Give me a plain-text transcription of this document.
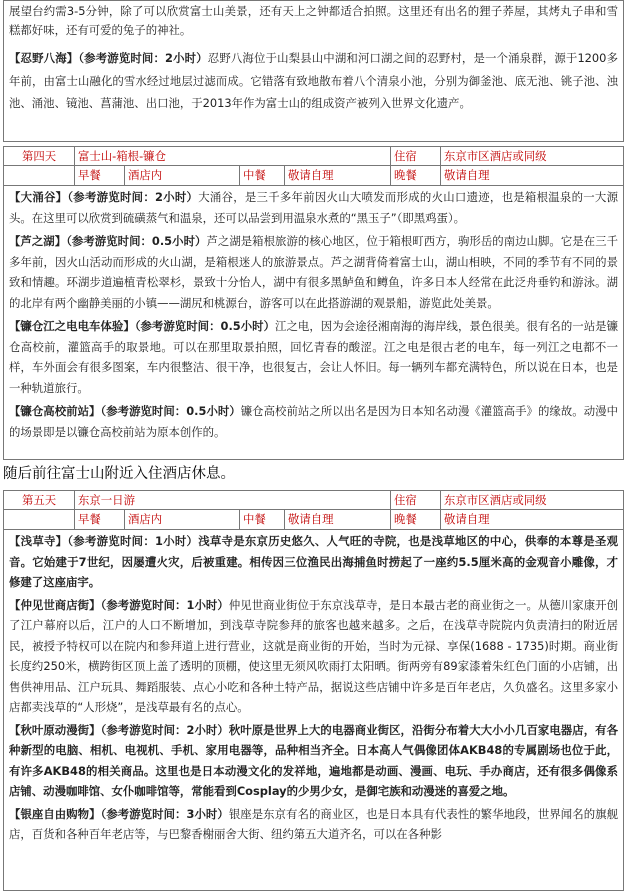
展望台约需3-5分钟，除了可以欣赏富士山美景，还有天上之钟都适合拍照。这里还有出名的狸子荞屋，其烤丸子串和雪糕都好味，还有可爱的兔子的神社。

【忍野八海】（参考游览时间：2小时）忍野八海位于山梨县山中湖和河口湖之间的忍野村，是一个涌泉群，源于1200多年前，由富士山融化的雪水经过地层过滤而成。它错落有致地散布着八个清泉小池，分别为御釜池、底无池、铫子池、浊池、涌池、镜池、菖蒲池、出口池，于2013年作为富士山的组成资产被列入世界文化遗产。

第四天	富士山-箱根-镰仓	住宿	东京市区酒店或同级
早餐	酒店内	中餐	敬请自理	晚餐	敬请自理

【大涌谷】（参考游览时间：2小时）大涌谷，是三千多年前因火山大喷发而形成的火山口遗迹，也是箱根温泉的一大源头。在这里可以欣赏到硫磺蒸气和温泉，还可以品尝到用温泉水煮的“黑玉子”（即黑鸡蛋）。

【芦之湖】（参考游览时间：0.5小时）芦之湖是箱根旅游的核心地区，位于箱根町西方，驹形岳的南边山脚。它是在三千多年前，因火山活动而形成的火山湖，是箱根迷人的旅游景点。芦之湖背倚着富士山，湖山相映，不同的季节有不同的景致和情趣。环湖步道遍植青松翠杉，景致十分怡人，湖中有很多黑鲈鱼和鳟鱼，许多日本人经常在此泛舟垂钓和游泳。湖的北岸有两个幽静美丽的小镇——湖尻和桃源台，游客可以在此搭游湖的观景船，游览此处美景。

【镰仓江之电电车体验】（参考游览时间：0.5小时）江之电，因为会途径湘南海的海岸线，景色很美。很有名的一站是镰仓高校前，灌篮高手的取景地。可以在那里取景拍照，回忆青春的酸涩。江之电是很古老的电车，每一列江之电都不一样，车外面会有很多图案，车内很整洁、很干净，也很复古，会让人怀旧。每一辆列车都充满特色，所以说在日本，也是一种轨道旅行。

【镰仓高校前站】（参考游览时间：0.5小时）镰仓高校前站之所以出名是因为日本知名动漫《灌篮高手》的缘故。动漫中的场景即是以镰仓高校前站为原本创作的。

随后前往富士山附近入住酒店休息。
第五天	东京一日游	住宿	东京市区酒店或同级
早餐	酒店内	中餐	敬请自理	晚餐	敬请自理

【浅草寺】（参考游览时间：1小时）浅草寺是东京历史悠久、人气旺的寺院，也是浅草地区的中心，供奉的本尊是圣观音。它始建于7世纪，因屡遭火灾，后被重建。相传因三位渔民出海捕鱼时捞起了一座约5.5厘米高的金观音小雕像，才修建了这座庙宇。

【仲见世商店街】（参考游览时间：1小时）仲见世商业街位于东京浅草寺，是日本最古老的商业街之一。从德川家康开创了江户幕府以后，江户的人口不断增加，到浅草寺院参拜的旅客也越来越多。之后，在浅草寺院院内负责清扫的附近居民，被授予特权可以在院内和参拜道上进行营业，这就是商业街的开始，当时为元禄、享保(1688 - 1735)时期。商业街长度约250米，横跨街区顶上盖了透明的顶棚，使这里无须风吹雨打太阳晒。街两旁有89家漆着朱红色门面的小店铺，出售供神用品、江户玩具、舞蹈服装、点心小吃和各种土特产品，据说这些店铺中许多是百年老店，久负盛名。这里多家小店都卖浅草的“人形烧”，是浅草最有名的点心。

【秋叶原动漫街】（参考游览时间：2小时）秋叶原是世界上大的电器商业街区，沿街分布着大大小小几百家电器店，有各种新型的电脑、相机、电视机、手机、家用电器等，品种相当齐全。日本高人气偶像团体AKB48的专属剧场也位于此，有许多AKB48的相关商品。这里也是日本动漫文化的发祥地，遍地都是动画、漫画、电玩、手办商店，还有很多偶像系店铺、动漫咖啡馆、女仆咖啡馆等，常能看到Cosplay的少男少女，是御宅族和动漫迷的喜爱之地。

【银座自由购物】（参考游览时间：3小时）银座是东京有名的商业区，也是日本具有代表性的繁华地段，世界闻名的旗舰店，百货和各种百年老店等，与巴黎香榭丽舍大街、纽约第五大道齐名，可以在各种影
